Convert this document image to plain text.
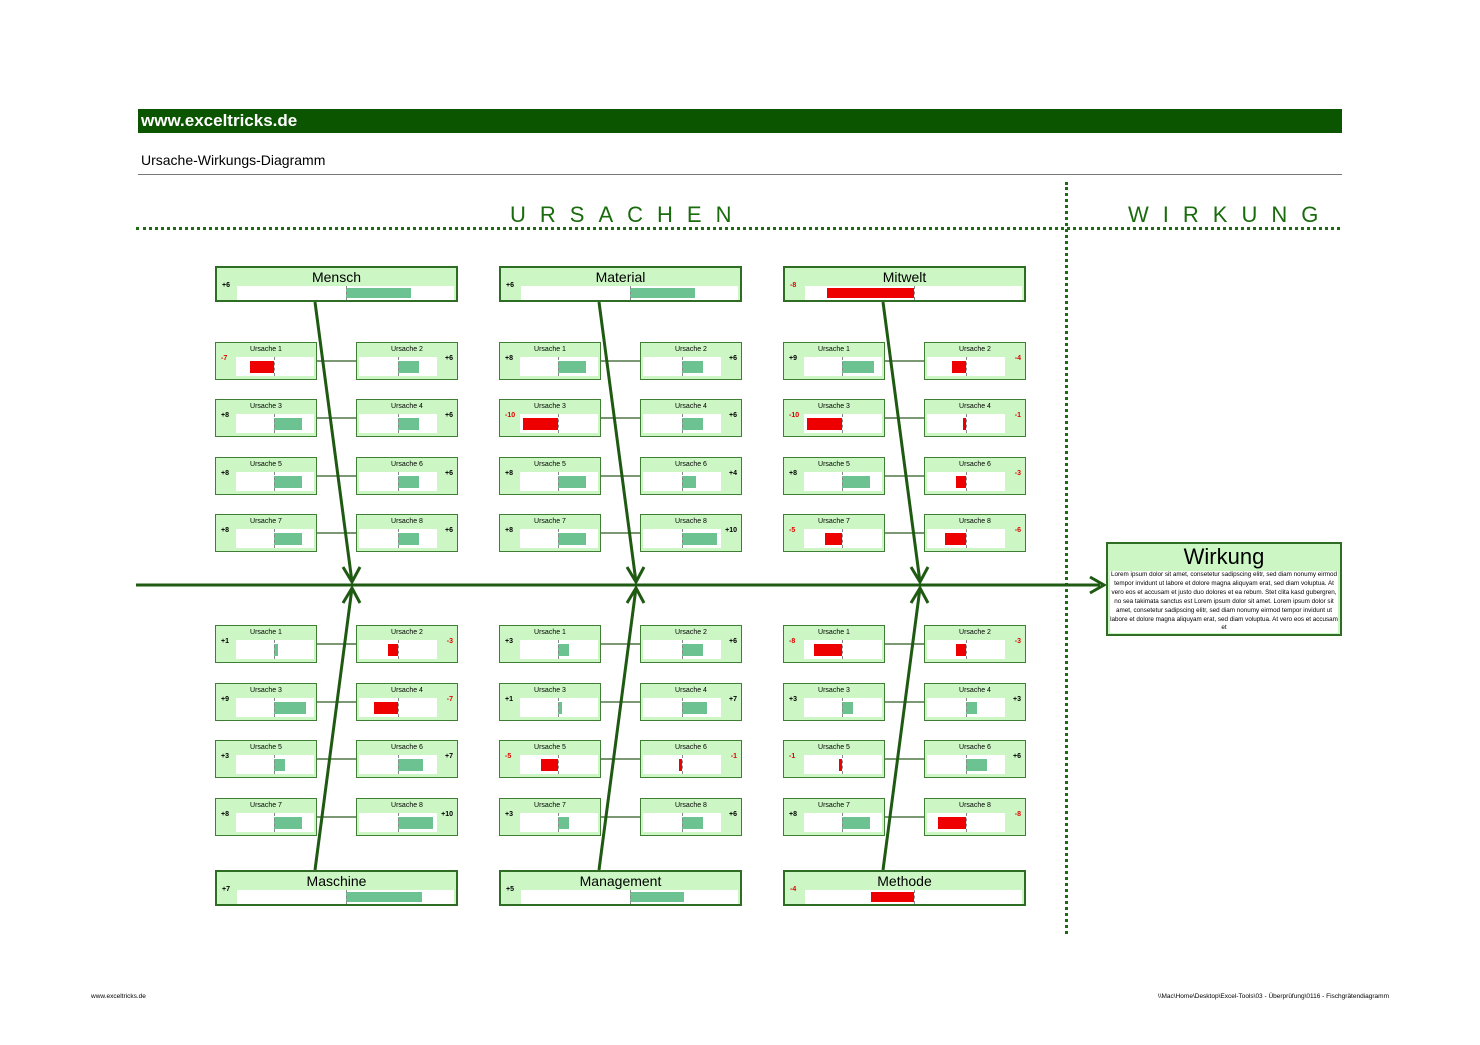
www.exceltricks.de
Ursache-Wirkungs-Diagramm
URSACHEN	WIRKUNG
Mensch
+6
Ursache 1
-7
Ursache 2
+6
Ursache 3
+8
Ursache 4
+6
Ursache 5
+8
Ursache 6
+6
Ursache 7
+8
Ursache 8
+6
Material
+6
Ursache 1
+8
Ursache 2
+6
Ursache 3
-10
Ursache 4
+6
Ursache 5
+8
Ursache 6
+4
Ursache 7
+8
Ursache 8
+10
Mitwelt
-8
Ursache 1
+9
Ursache 2
-4
Ursache 3
-10
Ursache 4
-1
Ursache 5
+8
Ursache 6
-3
Ursache 7
-5
Ursache 8
-6
Maschine
+7
Ursache 1
+1
Ursache 2
-3
Ursache 3
+9
Ursache 4
-7
Ursache 5
+3
Ursache 6
+7
Ursache 7
+8
Ursache 8
+10
Management
+5
Ursache 1
+3
Ursache 2
+6
Ursache 3
+1
Ursache 4
+7
Ursache 5
-5
Ursache 6
-1
Ursache 7
+3
Ursache 8
+6
Methode
-4
Ursache 1
-8
Ursache 2
-3
Ursache 3
+3
Ursache 4
+3
Ursache 5
-1
Ursache 6
+6
Ursache 7
+8
Ursache 8
-8
Wirkung
Lorem ipsum dolor sit amet, consetetur sadipscing elitr, sed diam nonumy eirmod tempor invidunt ut labore et dolore magna aliquyam erat, sed diam voluptua. At vero eos et accusam et justo duo dolores et ea rebum. Stet clita kasd gubergren, no sea takimata sanctus est Lorem ipsum dolor sit amet. Lorem ipsum dolor sit amet, consetetur sadipscing elitr, sed diam nonumy eirmod tempor invidunt ut labore et dolore magna aliquyam erat, sed diam voluptua. At vero eos et accusam et
www.exceltricks.de	\\Mac\Home\Desktop\Excel-Tools\03 - Überprüfung\0116 - Fischgrätendiagramm
